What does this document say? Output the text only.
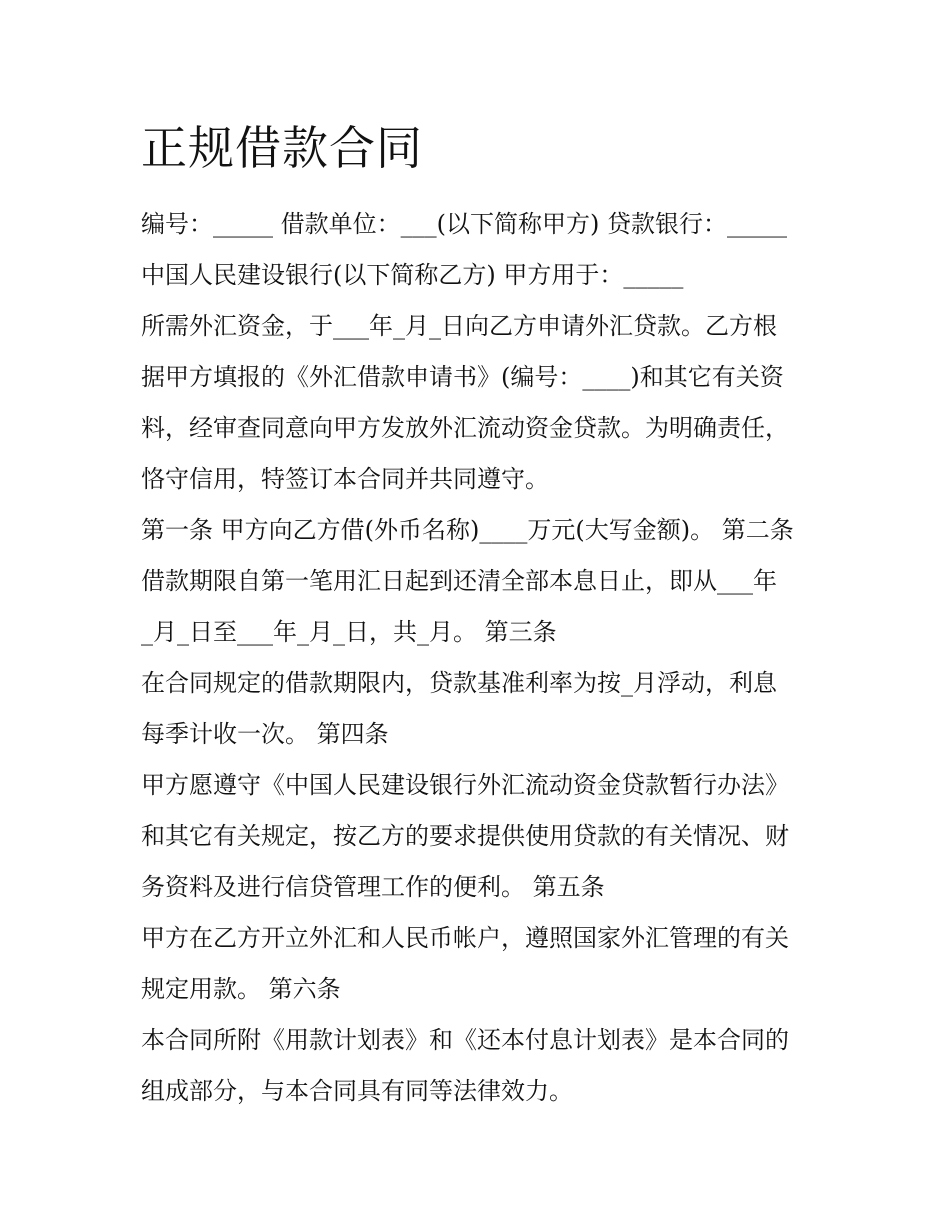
正规借款合同
编号：_____ 借款单位：___(以下简称甲方) 贷款银行：_____
中国人民建设银行(以下简称乙方) 甲方用于：_____
所需外汇资金，于___年_月_日向乙方申请外汇贷款。乙方根
据甲方填报的《外汇借款申请书》(编号：____)和其它有关资
料，经审查同意向甲方发放外汇流动资金贷款。为明确责任，
恪守信用，特签订本合同并共同遵守。
第一条 甲方向乙方借(外币名称)____万元(大写金额)。 第二条
借款期限自第一笔用汇日起到还清全部本息日止，即从___年
_月_日至___年_月_日，共_月。 第三条
在合同规定的借款期限内，贷款基准利率为按_月浮动，利息
每季计收一次。 第四条
甲方愿遵守《中国人民建设银行外汇流动资金贷款暂行办法》
和其它有关规定，按乙方的要求提供使用贷款的有关情况、财
务资料及进行信贷管理工作的便利。 第五条
甲方在乙方开立外汇和人民币帐户，遵照国家外汇管理的有关
规定用款。 第六条
本合同所附《用款计划表》和《还本付息计划表》是本合同的
组成部分，与本合同具有同等法律效力。
